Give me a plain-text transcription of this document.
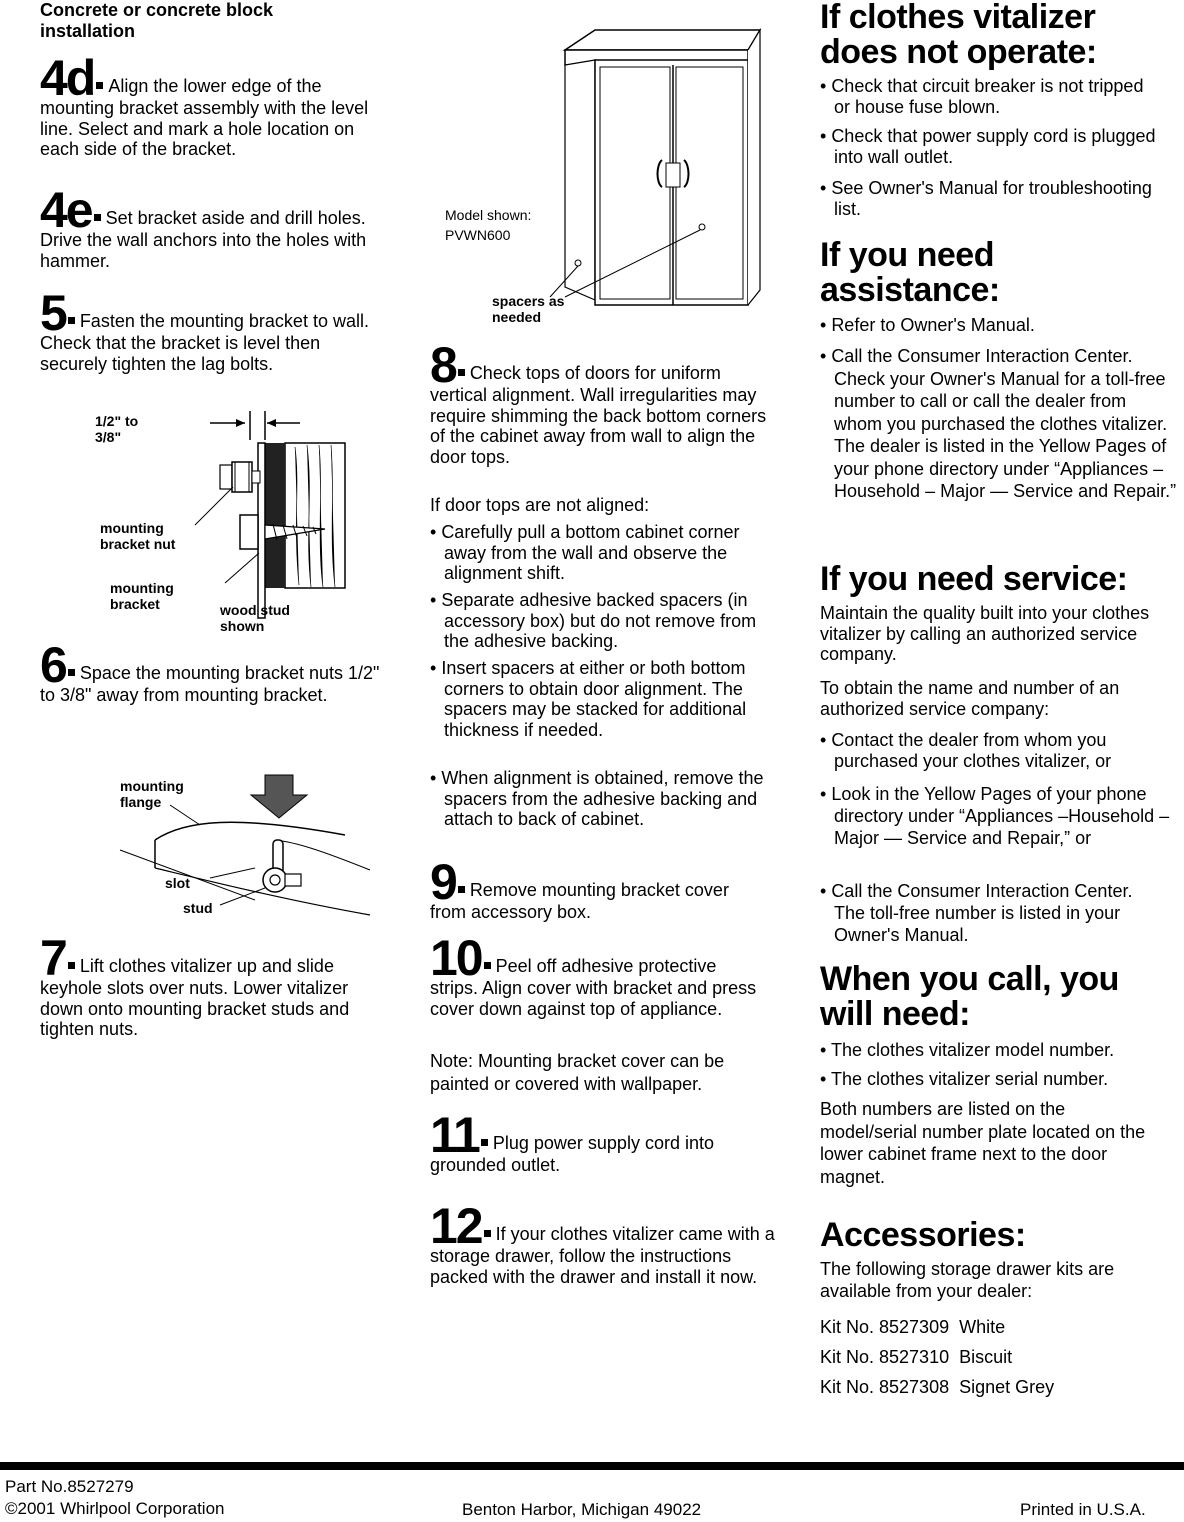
Concrete or concrete block installation

4d Align the lower edge of the mounting bracket assembly with the level line. Select and mark a hole location on each side of the bracket.

4e Set bracket aside and drill holes. Drive the wall anchors into the holes with hammer.

5 Fasten the mounting bracket to wall. Check that the bracket is level then securely tighten the lag bolts.

1/2" to
3/8"

mounting bracket nut

mounting bracket	wood stud shown

6 Space the mounting bracket nuts 1/2" to 3/8" away from mounting bracket.

mounting flange

slot

stud

7 Lift clothes vitalizer up and slide keyhole slots over nuts. Lower vitalizer down onto mounting bracket studs and tighten nuts.

Model shown:
PVWN600

spacers as needed

8 Check tops of doors for uniform vertical alignment. Wall irregularities may require shimming the back bottom corners of the cabinet away from wall to align the door tops.

If door tops are not aligned:

• Carefully pull a bottom cabinet corner away from the wall and observe the alignment shift.

• Separate adhesive backed spacers (in accessory box) but do not remove from the adhesive backing.

• Insert spacers at either or both bottom corners to obtain door alignment. The spacers may be stacked for additional thickness if needed.

• When alignment is obtained, remove the spacers from the adhesive backing and attach to back of cabinet.

9 Remove mounting bracket cover from accessory box.

10 Peel off adhesive protective strips. Align cover with bracket and press cover down against top of appliance.

Note: Mounting bracket cover can be painted or covered with wallpaper.

11 Plug power supply cord into grounded outlet.

12 If your clothes vitalizer came with a storage drawer, follow the instructions packed with the drawer and install it now.

If clothes vitalizer does not operate:

• Check that circuit breaker is not tripped or house fuse blown.

• Check that power supply cord is plugged into wall outlet.

• See Owner's Manual for troubleshooting list.

If you need assistance:

• Refer to Owner's Manual.

• Call the Consumer Interaction Center. Check your Owner's Manual for a toll-free number to call or call the dealer from whom you purchased the clothes vitalizer. The dealer is listed in the Yellow Pages of your phone directory under “Appliances –Household – Major — Service and Repair.”

If you need service:

Maintain the quality built into your clothes vitalizer by calling an authorized service company.

To obtain the name and number of an authorized service company:

• Contact the dealer from whom you purchased your clothes vitalizer, or

• Look in the Yellow Pages of your phone directory under “Appliances –Household – Major — Service and Repair,” or

• Call the Consumer Interaction Center. The toll-free number is listed in your Owner's Manual.

When you call, you will need:

• The clothes vitalizer model number.

• The clothes vitalizer serial number.

Both numbers are listed on the model/serial number plate located on the lower cabinet frame next to the door magnet.

Accessories:

The following storage drawer kits are available from your dealer:

Kit No. 8527309 White
Kit No. 8527310 Biscuit
Kit No. 8527308 Signet Grey

Part No.8527279

©2001 Whirlpool Corporation	Benton Harbor, Michigan 49022	Printed in U.S.A.
